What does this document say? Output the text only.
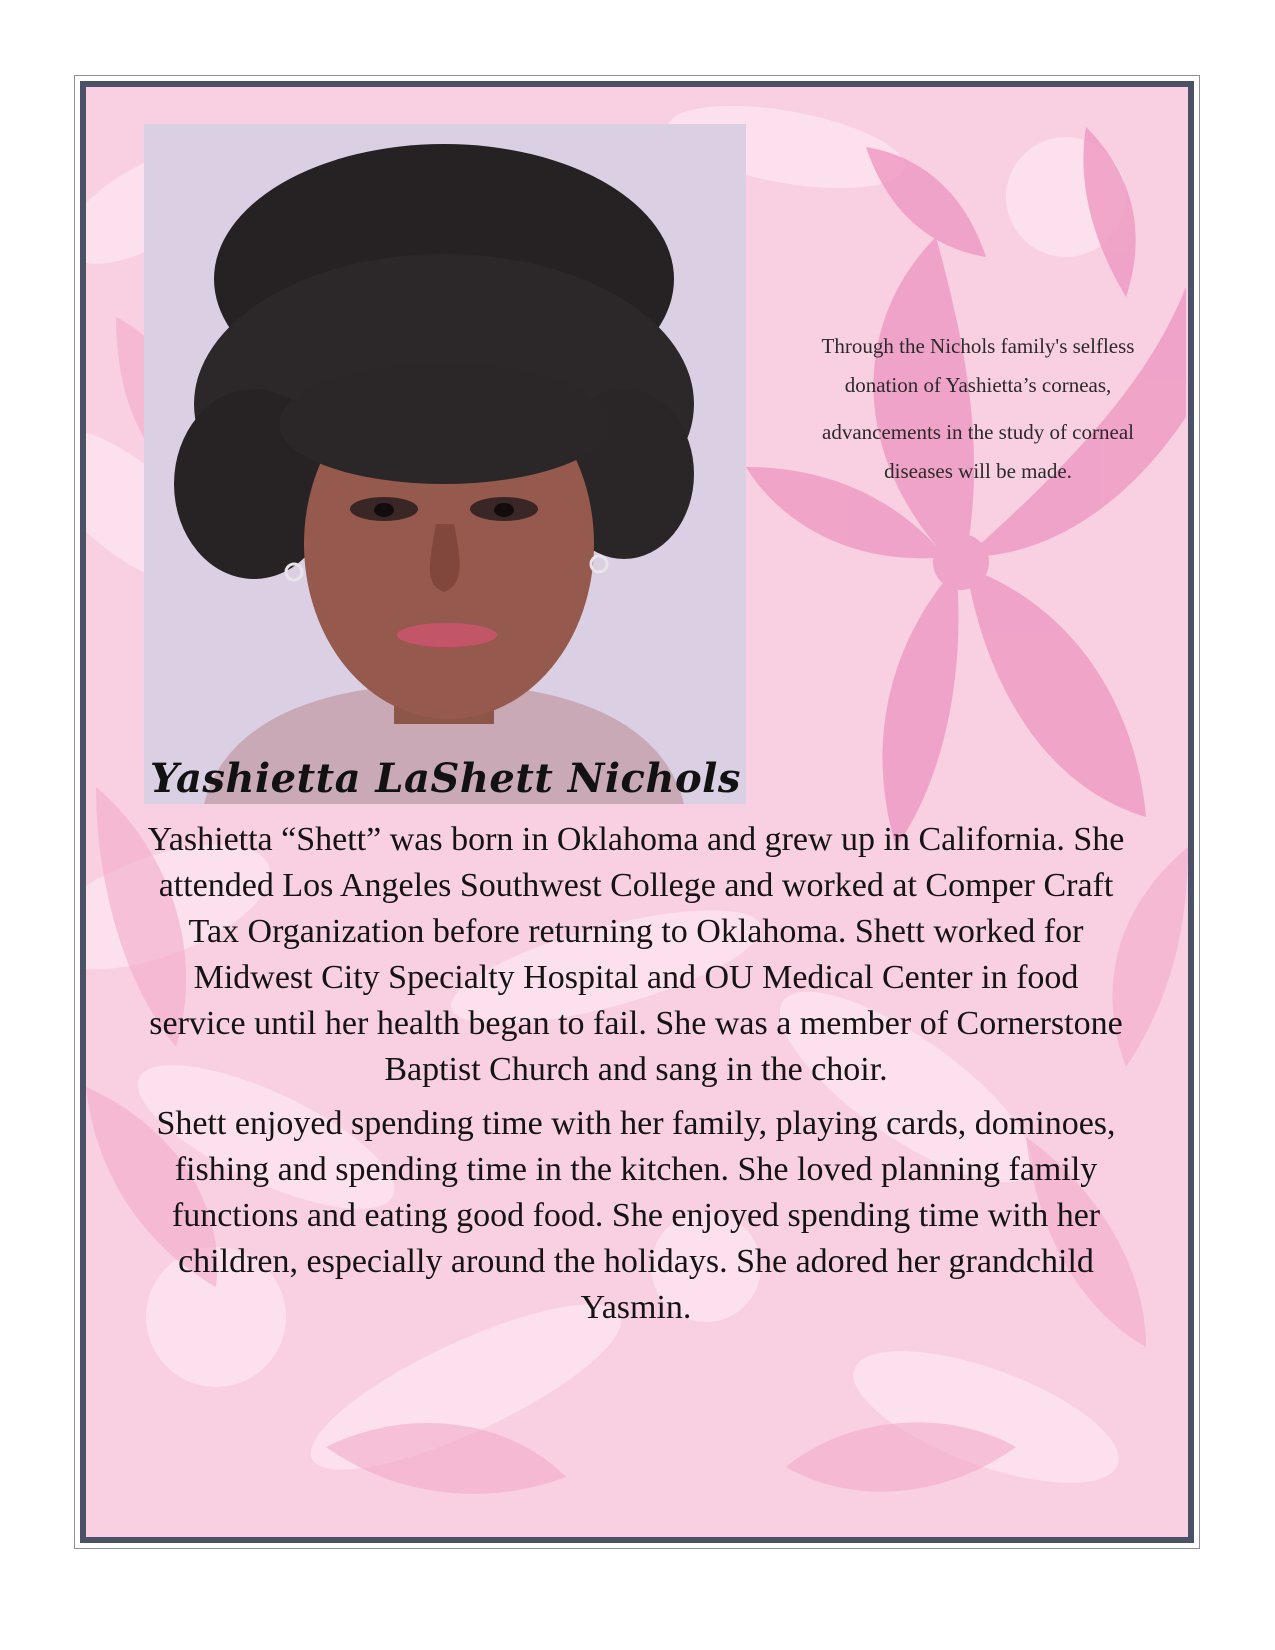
Yashietta LaShett Nichols

Through the Nichols family's selfless donation of Yashietta’s corneas,

advancements in the study of corneal diseases will be made.

Yashietta “Shett” was born in Oklahoma and grew up in California. She attended Los Angeles Southwest College and worked at Comper Craft Tax Organization before returning to Oklahoma. Shett worked for Midwest City Specialty Hospital and OU Medical Center in food service until her health began to fail. She was a member of Cornerstone Baptist Church and sang in the choir.

Shett enjoyed spending time with her family, playing cards, dominoes, fishing and spending time in the kitchen. She loved planning family functions and eating good food. She enjoyed spending time with her children, especially around the holidays. She adored her grandchild Yasmin.
